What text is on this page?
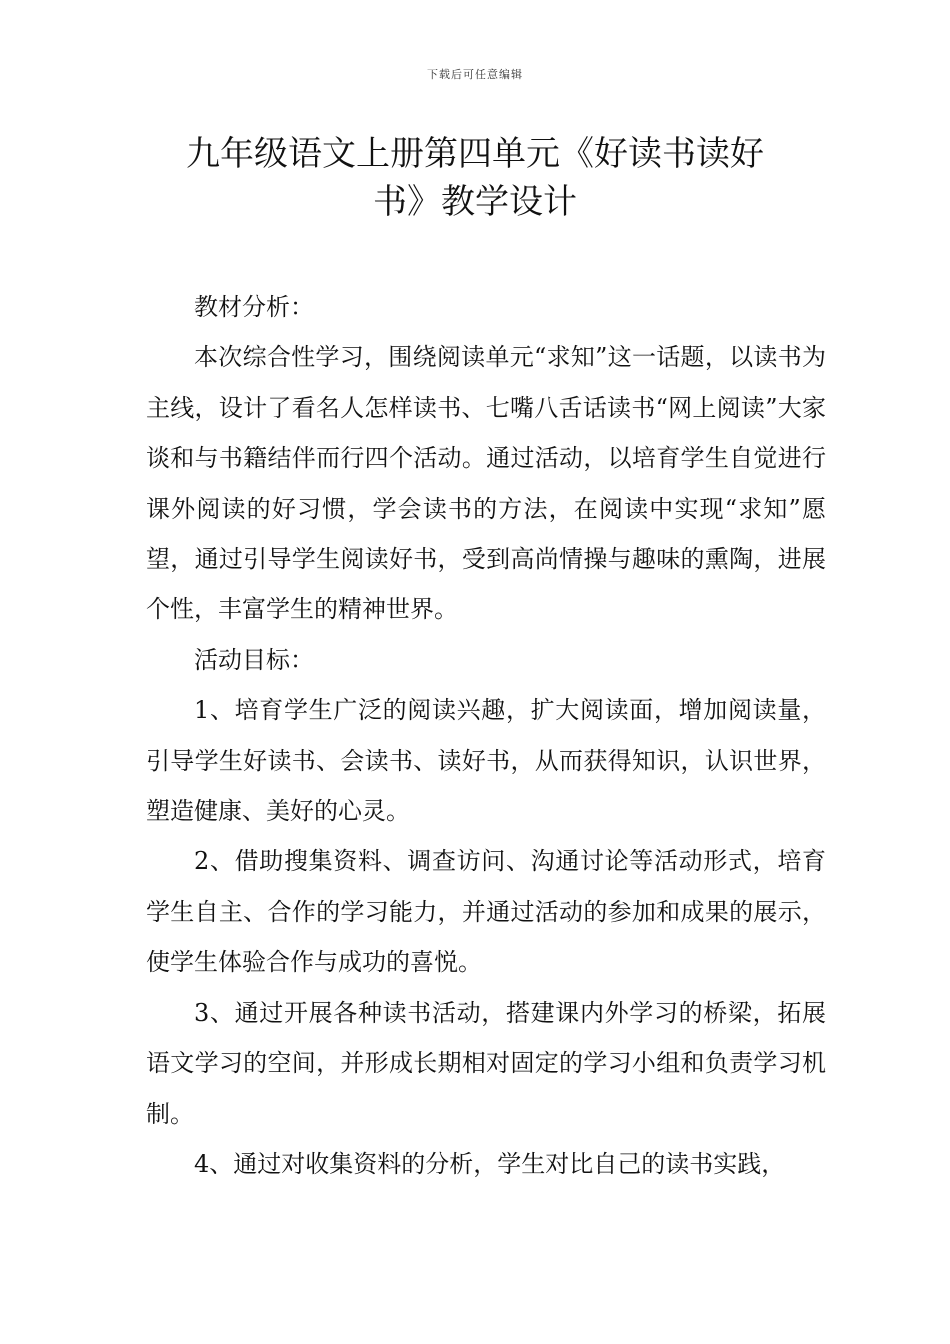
下载后可任意编辑
九年级语文上册第四单元《好读书读好
书》教学设计

教材分析：

本次综合性学习，围绕阅读单元“求知”这一话题，以读书为主线，设计了看名人怎样读书、七嘴八舌话读书“网上阅读”大家谈和与书籍结伴而行四个活动。通过活动，以培育学生自觉进行课外阅读的好习惯，学会读书的方法，在阅读中实现“求知”愿望，通过引导学生阅读好书，受到高尚情操与趣味的熏陶，进展个性，丰富学生的精神世界。

活动目标：

1、培育学生广泛的阅读兴趣，扩大阅读面，增加阅读量，引导学生好读书、会读书、读好书，从而获得知识，认识世界，塑造健康、美好的心灵。

2、借助搜集资料、调查访问、沟通讨论等活动形式，培育学生自主、合作的学习能力，并通过活动的参加和成果的展示，使学生体验合作与成功的喜悦。

3、通过开展各种读书活动，搭建课内外学习的桥梁，拓展语文学习的空间，并形成长期相对固定的学习小组和负责学习机制。

4、通过对收集资料的分析，学生对比自己的读书实践，
